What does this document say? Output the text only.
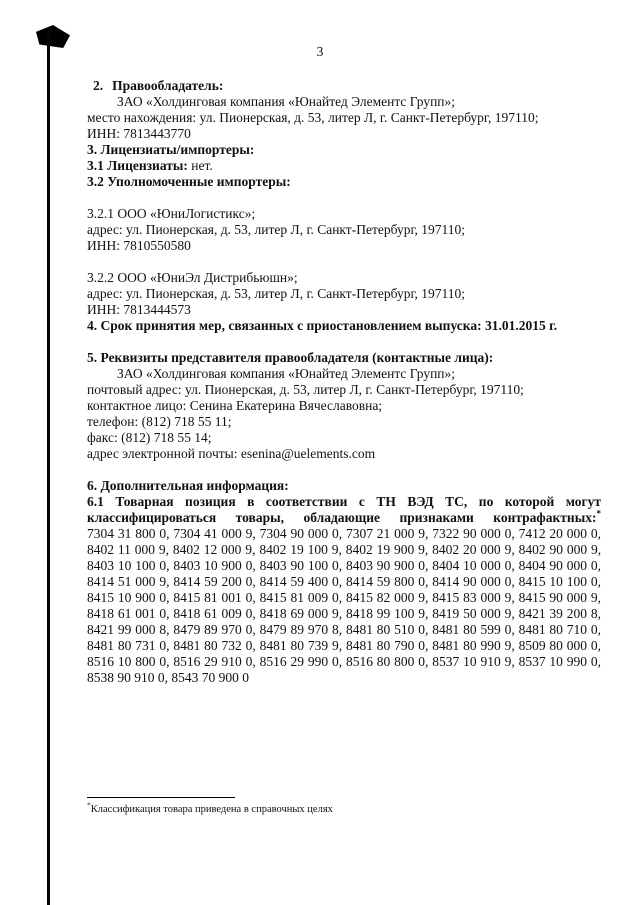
3

2. Правообладатель:

ЗАО «Холдинговая компания «Юнайтед Элементс Групп»;

место нахождения: ул. Пионерская, д. 53, литер Л, г. Санкт-Петербург, 197110;

ИНН: 7813443770

3. Лицензиаты/импортеры:

3.1 Лицензиаты: нет.

3.2 Уполномоченные импортеры:

3.2.1 ООО «ЮниЛогистикс»;

адрес: ул. Пионерская, д. 53, литер Л, г. Санкт-Петербург, 197110;

ИНН: 7810550580

3.2.2 ООО «ЮниЭл Дистрибьюшн»;

адрес: ул. Пионерская, д. 53, литер Л, г. Санкт-Петербург, 197110;

ИНН: 7813444573

4. Срок принятия мер, связанных с приостановлением выпуска: 31.01.2015 г.

5. Реквизиты представителя правообладателя (контактные лица):

ЗАО «Холдинговая компания «Юнайтед Элементс Групп»;

почтовый адрес: ул. Пионерская, д. 53, литер Л, г. Санкт-Петербург, 197110;

контактное лицо: Сенина Екатерина Вячеславовна;

телефон: (812) 718 55 11;

факс: (812) 718 55 14;

адрес электронной почты: esenina@uelements.com

6. Дополнительная информация:

6.1 Товарная позиция в соответствии с ТН ВЭД ТС, по которой могут классифицироваться товары, обладающие признаками контрафактных:*

7304 31 800 0, 7304 41 000 9, 7304 90 000 0, 7307 21 000 9, 7322 90 000 0, 7412 20 000 0, 8402 11 000 9, 8402 12 000 9, 8402 19 100 9, 8402 19 900 9, 8402 20 000 9, 8402 90 000 9, 8403 10 100 0, 8403 10 900 0, 8403 90 100 0, 8403 90 900 0, 8404 10 000 0, 8404 90 000 0, 8414 51 000 9, 8414 59 200 0, 8414 59 400 0, 8414 59 800 0, 8414 90 000 0, 8415 10 100 0, 8415 10 900 0, 8415 81 001 0, 8415 81 009 0, 8415 82 000 9, 8415 83 000 9, 8415 90 000 9, 8418 61 001 0, 8418 61 009 0, 8418 69 000 9, 8418 99 100 9, 8419 50 000 9, 8421 39 200 8, 8421 99 000 8, 8479 89 970 0, 8479 89 970 8, 8481 80 510 0, 8481 80 599 0, 8481 80 710 0, 8481 80 731 0, 8481 80 732 0, 8481 80 739 9, 8481 80 790 0, 8481 80 990 9, 8509 80 000 0, 8516 10 800 0, 8516 29 910 0, 8516 29 990 0, 8516 80 800 0, 8537 10 910 9, 8537 10 990 0, 8538 90 910 0, 8543 70 900 0

*Классификация товара приведена в справочных целях
